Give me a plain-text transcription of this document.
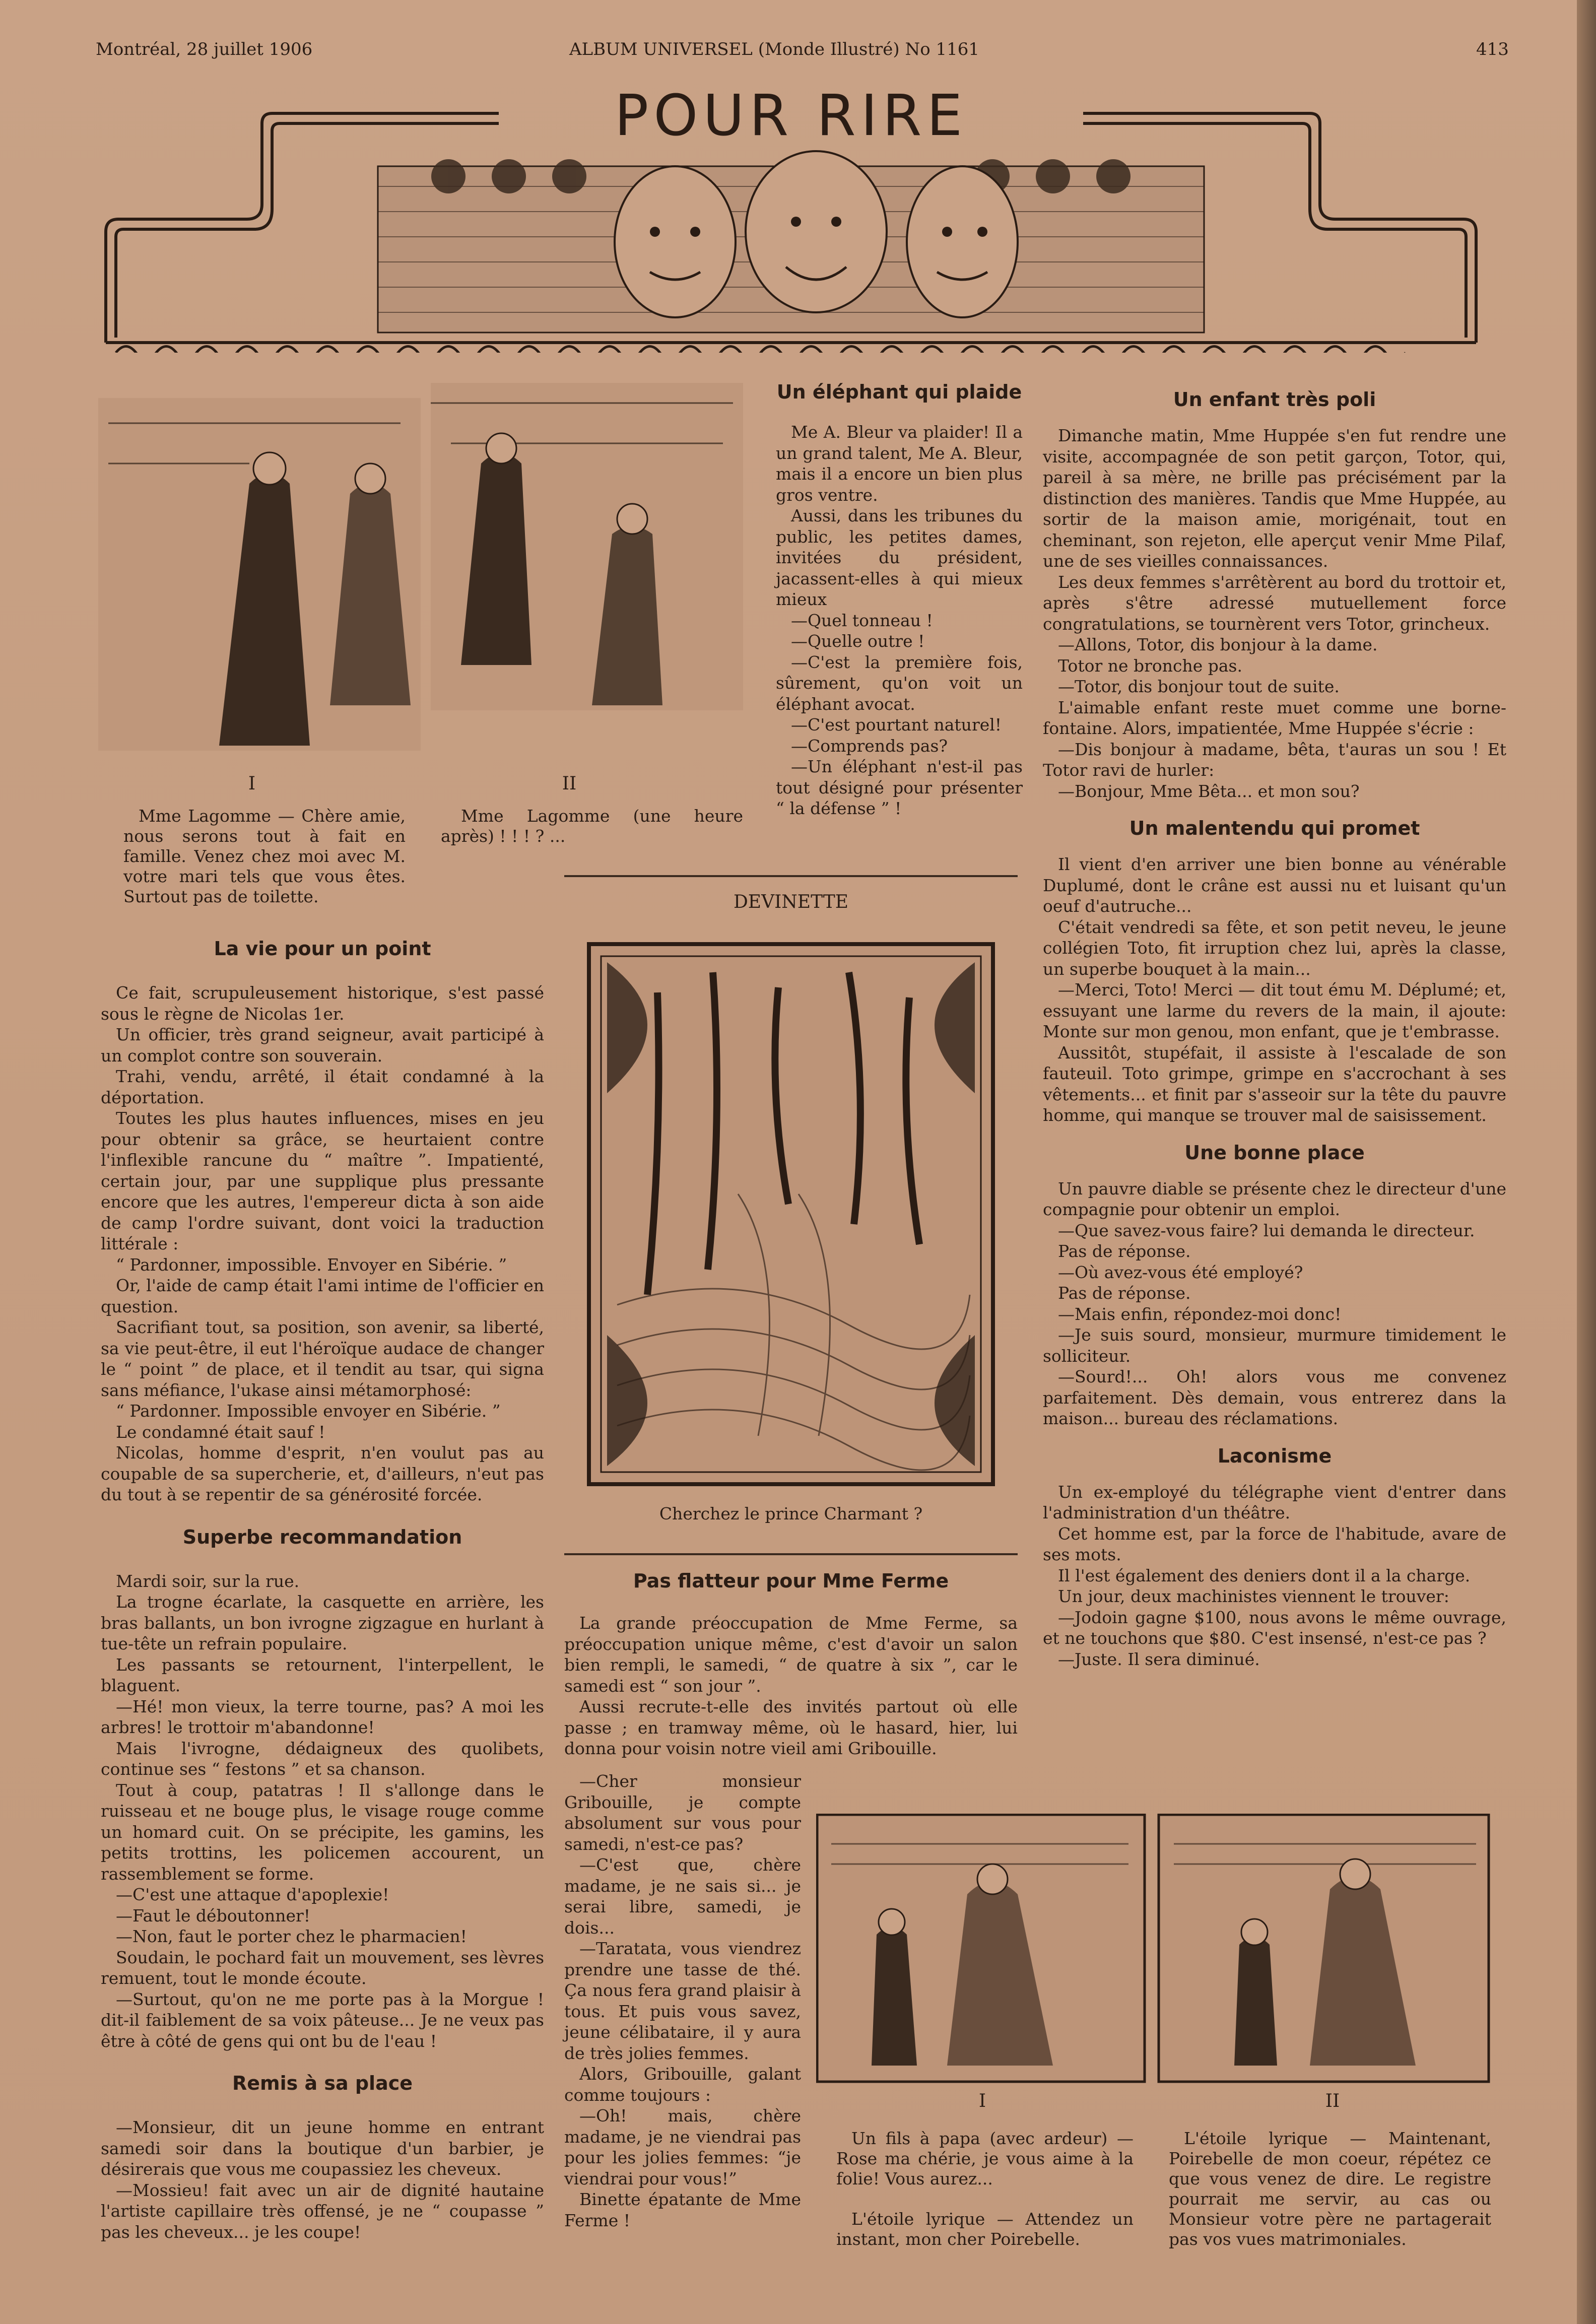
Montréal, 28 juillet 1906	ALBUM UNIVERSEL (Monde Illustré) No 1161	413
POUR RIRE
I	II
Mme Lagomme — Chère amie, nous serons tout à fait en famille. Venez chez moi avec M. votre mari tels que vous êtes. Surtout pas de toilette.
Mme Lagomme (une heure après) ! ! ! ? ...
La vie pour un point

Ce fait, scrupuleusement historique, s'est passé sous le règne de Nicolas 1er.

Un officier, très grand seigneur, avait participé à un complot contre son souverain.

Trahi, vendu, arrêté, il était condamné à la déportation.

Toutes les plus hautes influences, mises en jeu pour obtenir sa grâce, se heurtaient contre l'inflexible rancune du “ maître ”. Impatienté, certain jour, par une supplique plus pressante encore que les autres, l'empereur dicta à son aide de camp l'ordre suivant, dont voici la traduction littérale :

“ Pardonner, impossible. Envoyer en Sibérie. ”

Or, l'aide de camp était l'ami intime de l'officier en question.

Sacrifiant tout, sa position, son avenir, sa liberté, sa vie peut-être, il eut l'héroïque audace de changer le “ point ” de place, et il tendit au tsar, qui signa sans méfiance, l'ukase ainsi métamorphosé:

“ Pardonner. Impossible envoyer en Sibérie. ”

Le condamné était sauf !

Nicolas, homme d'esprit, n'en voulut pas au coupable de sa supercherie, et, d'ailleurs, n'eut pas du tout à se repentir de sa générosité forcée.

Superbe recommandation

Mardi soir, sur la rue.

La trogne écarlate, la casquette en arrière, les bras ballants, un bon ivrogne zigzague en hurlant à tue-tête un refrain populaire.

Les passants se retournent, l'interpellent, le blaguent.

—Hé! mon vieux, la terre tourne, pas? A moi les arbres! le trottoir m'abandonne!

Mais l'ivrogne, dédaigneux des quolibets, continue ses “ festons ” et sa chanson.

Tout à coup, patatras ! Il s'allonge dans le ruisseau et ne bouge plus, le visage rouge comme un homard cuit. On se précipite, les gamins, les petits trottins, les policemen accourent, un rassemblement se forme.

—C'est une attaque d'apoplexie!

—Faut le déboutonner!

—Non, faut le porter chez le pharmacien!

Soudain, le pochard fait un mouvement, ses lèvres remuent, tout le monde écoute.

—Surtout, qu'on ne me porte pas à la Morgue ! dit-il faiblement de sa voix pâteuse... Je ne veux pas être à côté de gens qui ont bu de l'eau !

Remis à sa place

—Monsieur, dit un jeune homme en entrant samedi soir dans la boutique d'un barbier, je désirerais que vous me coupassiez les cheveux.

—Mossieu! fait avec un air de dignité hautaine l'artiste capillaire très offensé, je ne “ coupasse ” pas les cheveux... je les coupe!

Un éléphant qui plaide

Me A. Bleur va plaider! Il a un grand talent, Me A. Bleur, mais il a encore un bien plus gros ventre.

Aussi, dans les tribunes du public, les petites dames, invitées du président, jacassent-elles à qui mieux mieux

—Quel tonneau !

—Quelle outre !

—C'est la première fois, sûrement, qu'on voit un éléphant avocat.

—C'est pourtant naturel!

—Comprends pas?

—Un éléphant n'est-il pas tout désigné pour présenter “ la défense ” !

DEVINETTE
Cherchez le prince Charmant ?
Pas flatteur pour Mme Ferme

La grande préoccupation de Mme Ferme, sa préoccupation unique même, c'est d'avoir un salon bien rempli, le samedi, “ de quatre à six ”, car le samedi est “ son jour ”.

Aussi recrute-t-elle des invités partout où elle passe ; en tramway même, où le hasard, hier, lui donna pour voisin notre vieil ami Gribouille.

—Cher monsieur Gribouille, je compte absolument sur vous pour samedi, n'est-ce pas?

—C'est que, chère madame, je ne sais si... je serai libre, samedi, je dois...

—Taratata, vous viendrez prendre une tasse de thé. Ça nous fera grand plaisir à tous. Et puis vous savez, jeune célibataire, il y aura de très jolies femmes.

Alors, Gribouille, galant comme toujours :

—Oh! mais, chère madame, je ne viendrai pas pour les jolies femmes: “je viendrai pour vous!”

Binette épatante de Mme Ferme !

Un enfant très poli

Dimanche matin, Mme Huppée s'en fut rendre une visite, accompagnée de son petit garçon, Totor, qui, pareil à sa mère, ne brille pas précisément par la distinction des manières. Tandis que Mme Huppée, au sortir de la maison amie, morigénait, tout en cheminant, son rejeton, elle aperçut venir Mme Pilaf, une de ses vieilles connaissances.

Les deux femmes s'arrêtèrent au bord du trottoir et, après s'être adressé mutuellement force congratulations, se tournèrent vers Totor, grincheux.

—Allons, Totor, dis bonjour à la dame.

Totor ne bronche pas.

—Totor, dis bonjour tout de suite.

L'aimable enfant reste muet comme une borne-fontaine. Alors, impatientée, Mme Huppée s'écrie :

—Dis bonjour à madame, bêta, t'auras un sou ! Et Totor ravi de hurler:

—Bonjour, Mme Bêta... et mon sou?

Un malentendu qui promet

Il vient d'en arriver une bien bonne au vénérable Duplumé, dont le crâne est aussi nu et luisant qu'un oeuf d'autruche...

C'était vendredi sa fête, et son petit neveu, le jeune collégien Toto, fit irruption chez lui, après la classe, un superbe bouquet à la main...

—Merci, Toto! Merci — dit tout ému M. Déplumé; et, essuyant une larme du revers de la main, il ajoute: Monte sur mon genou, mon enfant, que je t'embrasse.

Aussitôt, stupéfait, il assiste à l'escalade de son fauteuil. Toto grimpe, grimpe en s'accrochant à ses vêtements... et finit par s'asseoir sur la tête du pauvre homme, qui manque se trouver mal de saisissement.

Une bonne place

Un pauvre diable se présente chez le directeur d'une compagnie pour obtenir un emploi.

—Que savez-vous faire? lui demanda le directeur.

Pas de réponse.

—Où avez-vous été employé?

Pas de réponse.

—Mais enfin, répondez-moi donc!

—Je suis sourd, monsieur, murmure timidement le solliciteur.

—Sourd!... Oh! alors vous me convenez parfaitement. Dès demain, vous entrerez dans la maison... bureau des réclamations.

Laconisme

Un ex-employé du télégraphe vient d'entrer dans l'administration d'un théâtre.

Cet homme est, par la force de l'habitude, avare de ses mots.

Il l'est également des deniers dont il a la charge.

Un jour, deux machinistes viennent le trouver:

—Jodoin gagne $100, nous avons le même ouvrage, et ne touchons que $80. C'est insensé, n'est-ce pas ?

—Juste. Il sera diminué.

I	II
Un fils à papa (avec ardeur) — Rose ma chérie, je vous aime à la folie! Vous aurez...
L'étoile lyrique — Attendez un instant, mon cher Poirebelle.
L'étoile lyrique — Maintenant, Poirebelle de mon coeur, répétez ce que vous venez de dire. Le registre pourrait me servir, au cas ou Monsieur votre père ne partagerait pas vos vues matrimoniales.
